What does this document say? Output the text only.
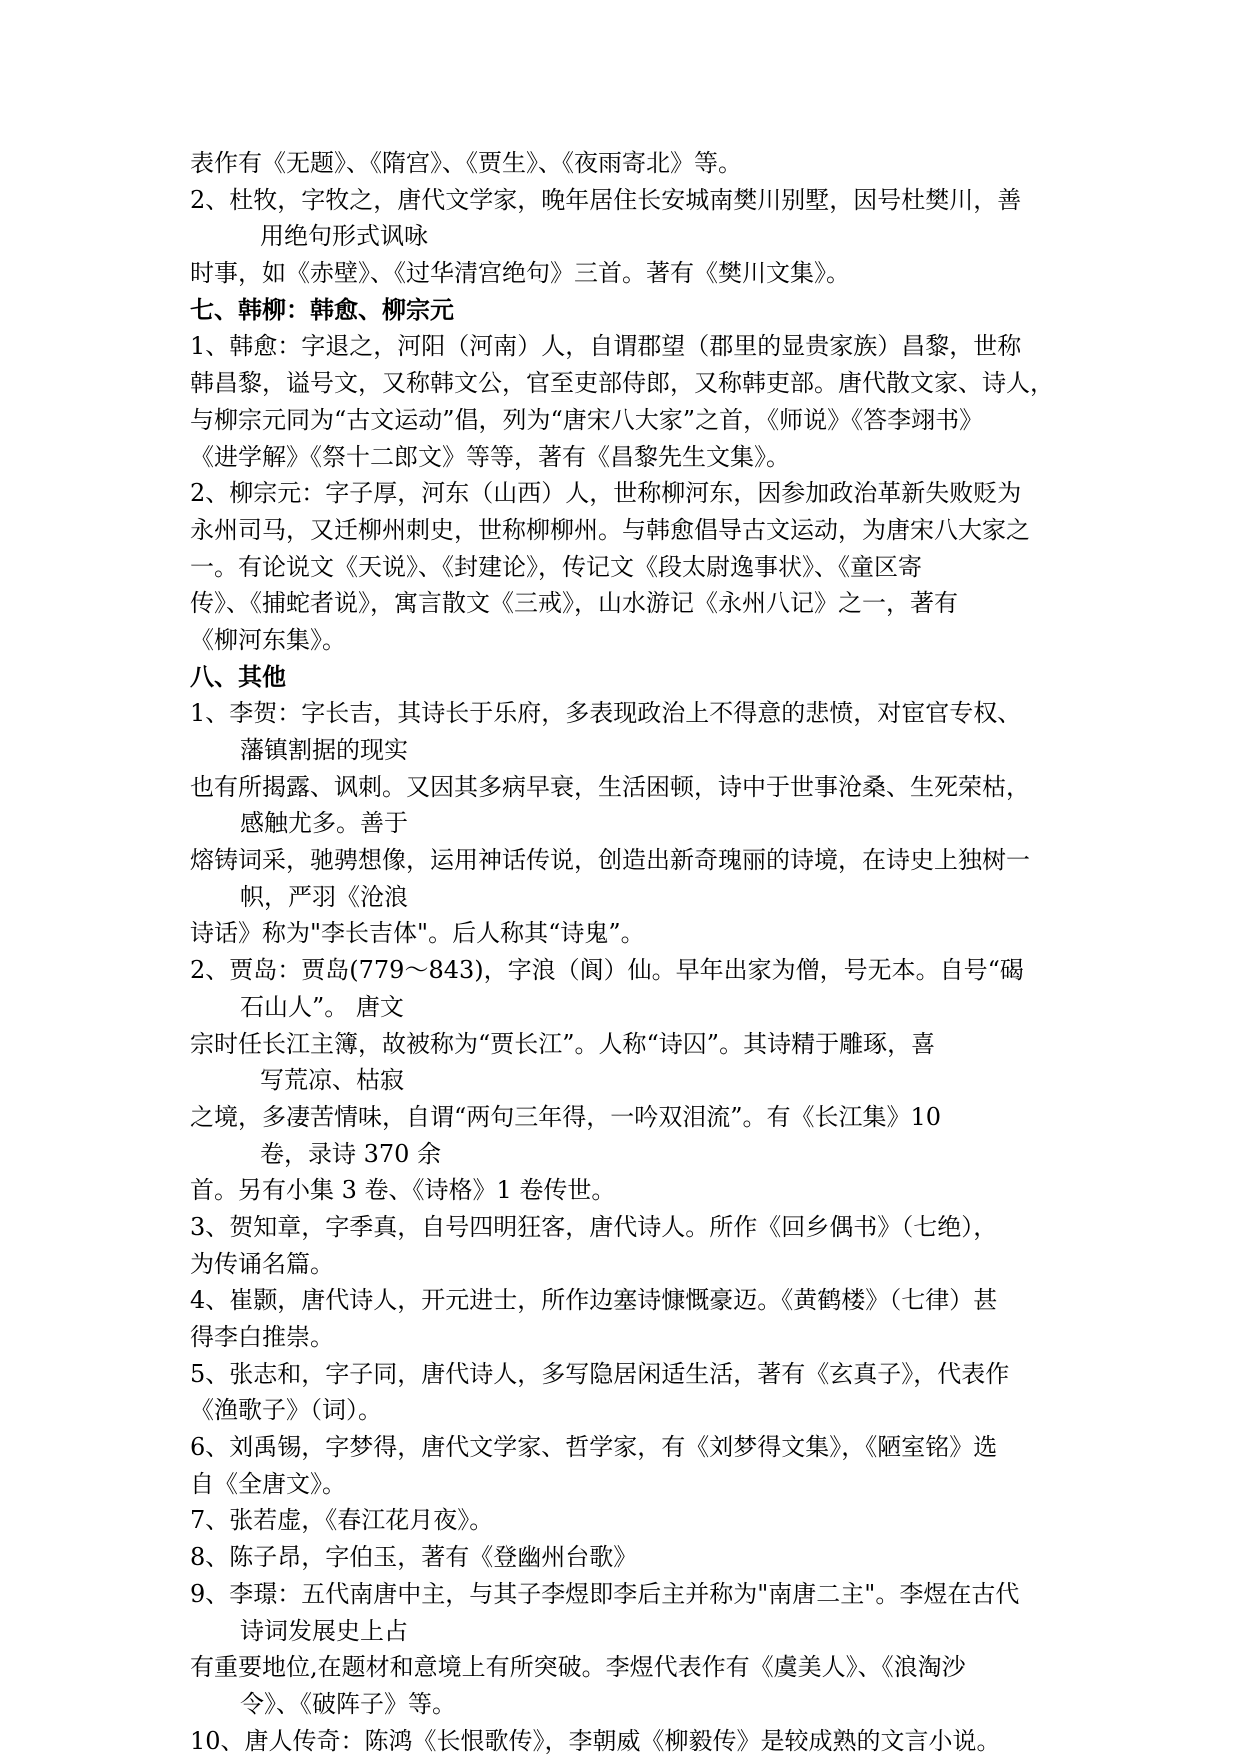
表作有《无题》、《隋宫》、《贾生》、《夜雨寄北》等。
2、杜牧，字牧之，唐代文学家，晚年居住长安城南樊川别墅，因号杜樊川，善
用绝句形式讽咏
时事，如《赤壁》、《过华清宫绝句》三首。著有《樊川文集》。
七、韩柳：韩愈、柳宗元
1、韩愈：字退之，河阳（河南）人，自谓郡望（郡里的显贵家族）昌黎，世称
韩昌黎，谥号文，又称韩文公，官至吏部侍郎，又称韩吏部。唐代散文家、诗人，
与柳宗元同为“古文运动”倡，列为“唐宋八大家”之首，《师说》《答李翊书》
《进学解》《祭十二郎文》等等，著有《昌黎先生文集》。
2、柳宗元：字子厚，河东（山西）人，世称柳河东，因参加政治革新失败贬为
永州司马，又迁柳州刺史，世称柳柳州。与韩愈倡导古文运动，为唐宋八大家之
一。有论说文《天说》、《封建论》，传记文《段太尉逸事状》、《童区寄
传》、《捕蛇者说》，寓言散文《三戒》，山水游记《永州八记》之一，著有
《柳河东集》。
八、其他
1、李贺：字长吉，其诗长于乐府，多表现政治上不得意的悲愤，对宦官专权、
藩镇割据的现实
也有所揭露、讽刺。又因其多病早衰，生活困顿，诗中于世事沧桑、生死荣枯，
感触尤多。善于
熔铸词采，驰骋想像，运用神话传说，创造出新奇瑰丽的诗境，在诗史上独树一
帜，严羽《沧浪
诗话》称为"李长吉体"。后人称其“诗鬼”。
2、贾岛：贾岛(779～843)，字浪（阆）仙。早年出家为僧，号无本。自号“碣
石山人”。 唐文
宗时任长江主簿，故被称为“贾长江”。人称“诗囚”。其诗精于雕琢，喜
写荒凉、枯寂
之境，多凄苦情味，自谓“两句三年得，一吟双泪流”。有《长江集》10
卷，录诗 370 余
首。另有小集 3 卷、《诗格》1 卷传世。
3、贺知章，字季真，自号四明狂客，唐代诗人。所作《回乡偶书》（七绝），
为传诵名篇。
4、崔颢，唐代诗人，开元进士，所作边塞诗慷慨豪迈。《黄鹤楼》（七律）甚
得李白推崇。
5、张志和，字子同，唐代诗人，多写隐居闲适生活，著有《玄真子》，代表作
《渔歌子》（词）。
6、刘禹锡，字梦得，唐代文学家、哲学家，有《刘梦得文集》，《陋室铭》选
自《全唐文》。
7、张若虚，《春江花月夜》。
8、陈子昂，字伯玉，著有《登幽州台歌》
9、李璟：五代南唐中主，与其子李煜即李后主并称为"南唐二主"。李煜在古代
诗词发展史上占
有重要地位,在题材和意境上有所突破。李煜代表作有《虞美人》、《浪淘沙
令》、《破阵子》等。
10、唐人传奇：陈鸿《长恨歌传》，李朝威《柳毅传》是较成熟的文言小说。
